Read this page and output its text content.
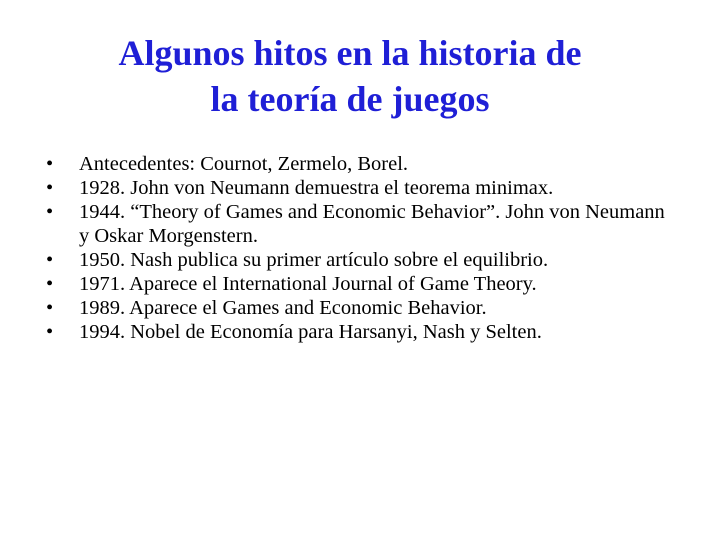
Algunos hitos en la historia de
la teoría de juegos
•	Antecedentes: Cournot, Zermelo, Borel.
•	1928. John von Neumann demuestra el teorema minimax.
•	1944. “Theory of Games and Economic Behavior”. John von Neumann y Oskar Morgenstern.
•	1950. Nash publica su primer artículo sobre el equilibrio.
•	1971. Aparece el International Journal of Game Theory.
•	1989. Aparece el Games and Economic Behavior.
•	1994. Nobel de Economía para Harsanyi, Nash y Selten.
